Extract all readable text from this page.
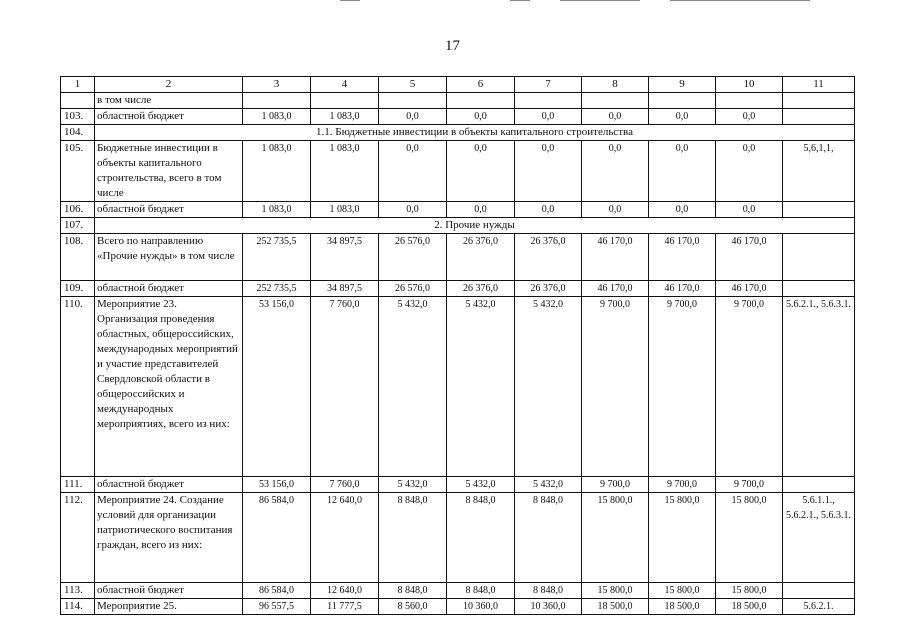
17
1	2	3	4	5	6	7	8	9	10	11
	в том числе									
103.	областной бюджет	1 083,0	1 083,0	0,0	0,0	0,0	0,0	0,0	0,0	
104.	1.1. Бюджетные инвестиции в объекты капитального строительства									
105.	Бюджетные инвестиции в объекты капитального строительства, всего в том числе	1 083,0	1 083,0	0,0	0,0	0,0	0,0	0,0	0,0	5,6,1,1,
106.	областной бюджет	1 083,0	1 083,0	0,0	0,0	0,0	0,0	0,0	0,0	
107.	2. Прочие нужды									
108.	Всего по направлению «Прочие нужды» в том числе	252 735,5	34 897,5	26 576,0	26 376,0	26 376,0	46 170,0	46 170,0	46 170,0	
109.	областной бюджет	252 735,5	34 897,5	26 576,0	26 376,0	26 376,0	46 170,0	46 170,0	46 170,0	
110.	Мероприятие 23. Организация проведения областных, общероссийских, международных мероприятий и участие представителей Свердловской области в общероссийских и международных мероприятиях, всего из них:	53 156,0	7 760,0	5 432,0	5 432,0	5 432,0	9 700,0	9 700,0	9 700,0	5.6.2.1., 5.6.3.1.
111.	областной бюджет	53 156,0	7 760,0	5 432,0	5 432,0	5 432,0	9 700,0	9 700,0	9 700,0	
112.	Мероприятие 24. Создание условий для организации патриотического воспитания граждан, всего из них:	86 584,0	12 640,0	8 848,0	8 848,0	8 848,0	15 800,0	15 800,0	15 800,0	5.6.1.1., 5.6.2.1., 5.6.3.1.
113.	областной бюджет	86 584,0	12 640,0	8 848,0	8 848,0	8 848,0	15 800,0	15 800,0	15 800,0	
114.	Мероприятие 25.	96 557,5	11 777,5	8 560,0	10 360,0	10 360,0	18 500,0	18 500,0	18 500,0	5.6.2.1.
